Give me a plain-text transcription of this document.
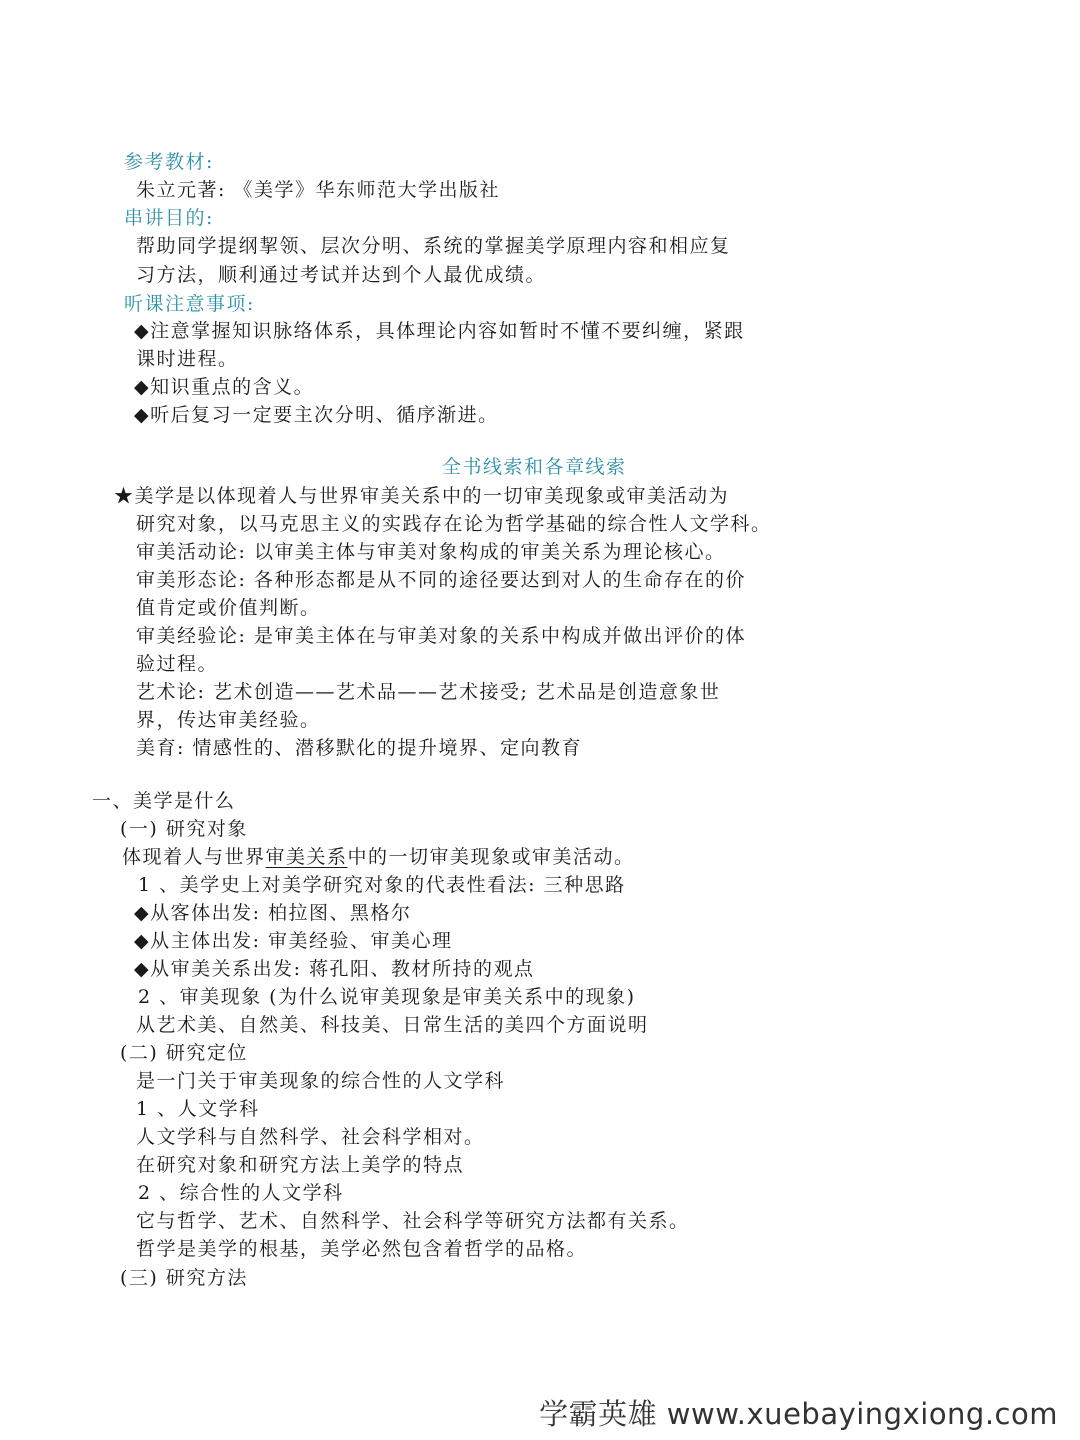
参考教材:
朱立元著: 《美学》华东师范大学出版社
串讲目的:
帮助同学提纲挈领、层次分明、系统的掌握美学原理内容和相应复
习方法，顺利通过考试并达到个人最优成绩。
听课注意事项:
◆注意掌握知识脉络体系，具体理论内容如暂时不懂不要纠缠，紧跟
课时进程。
◆知识重点的含义。
◆听后复习一定要主次分明、循序渐进。
全书线索和各章线索
★美学是以体现着人与世界审美关系中的一切审美现象或审美活动为
研究对象，以马克思主义的实践存在论为哲学基础的综合性人文学科。
审美活动论: 以审美主体与审美对象构成的审美关系为理论核心。
审美形态论: 各种形态都是从不同的途径要达到对人的生命存在的价
值肯定或价值判断。
审美经验论: 是审美主体在与审美对象的关系中构成并做出评价的体
验过程。
艺术论: 艺术创造——艺术品——艺术接受; 艺术品是创造意象世
界，传达审美经验。
美育: 情感性的、潜移默化的提升境界、定向教育
一、美学是什么
(一) 研究对象
体现着人与世界审美关系中的一切审美现象或审美活动。
1 、美学史上对美学研究对象的代表性看法: 三种思路
◆从客体出发: 柏拉图、黑格尔
◆从主体出发: 审美经验、审美心理
◆从审美关系出发: 蒋孔阳、教材所持的观点
2 、审美现象 (为什么说审美现象是审美关系中的现象)
从艺术美、自然美、科技美、日常生活的美四个方面说明
(二) 研究定位
是一门关于审美现象的综合性的人文学科
1 、人文学科
人文学科与自然科学、社会科学相对。
在研究对象和研究方法上美学的特点
2 、综合性的人文学科
它与哲学、艺术、自然科学、社会科学等研究方法都有关系。
哲学是美学的根基，美学必然包含着哲学的品格。
(三) 研究方法
学霸英雄 www.xuebayingxiong.com
